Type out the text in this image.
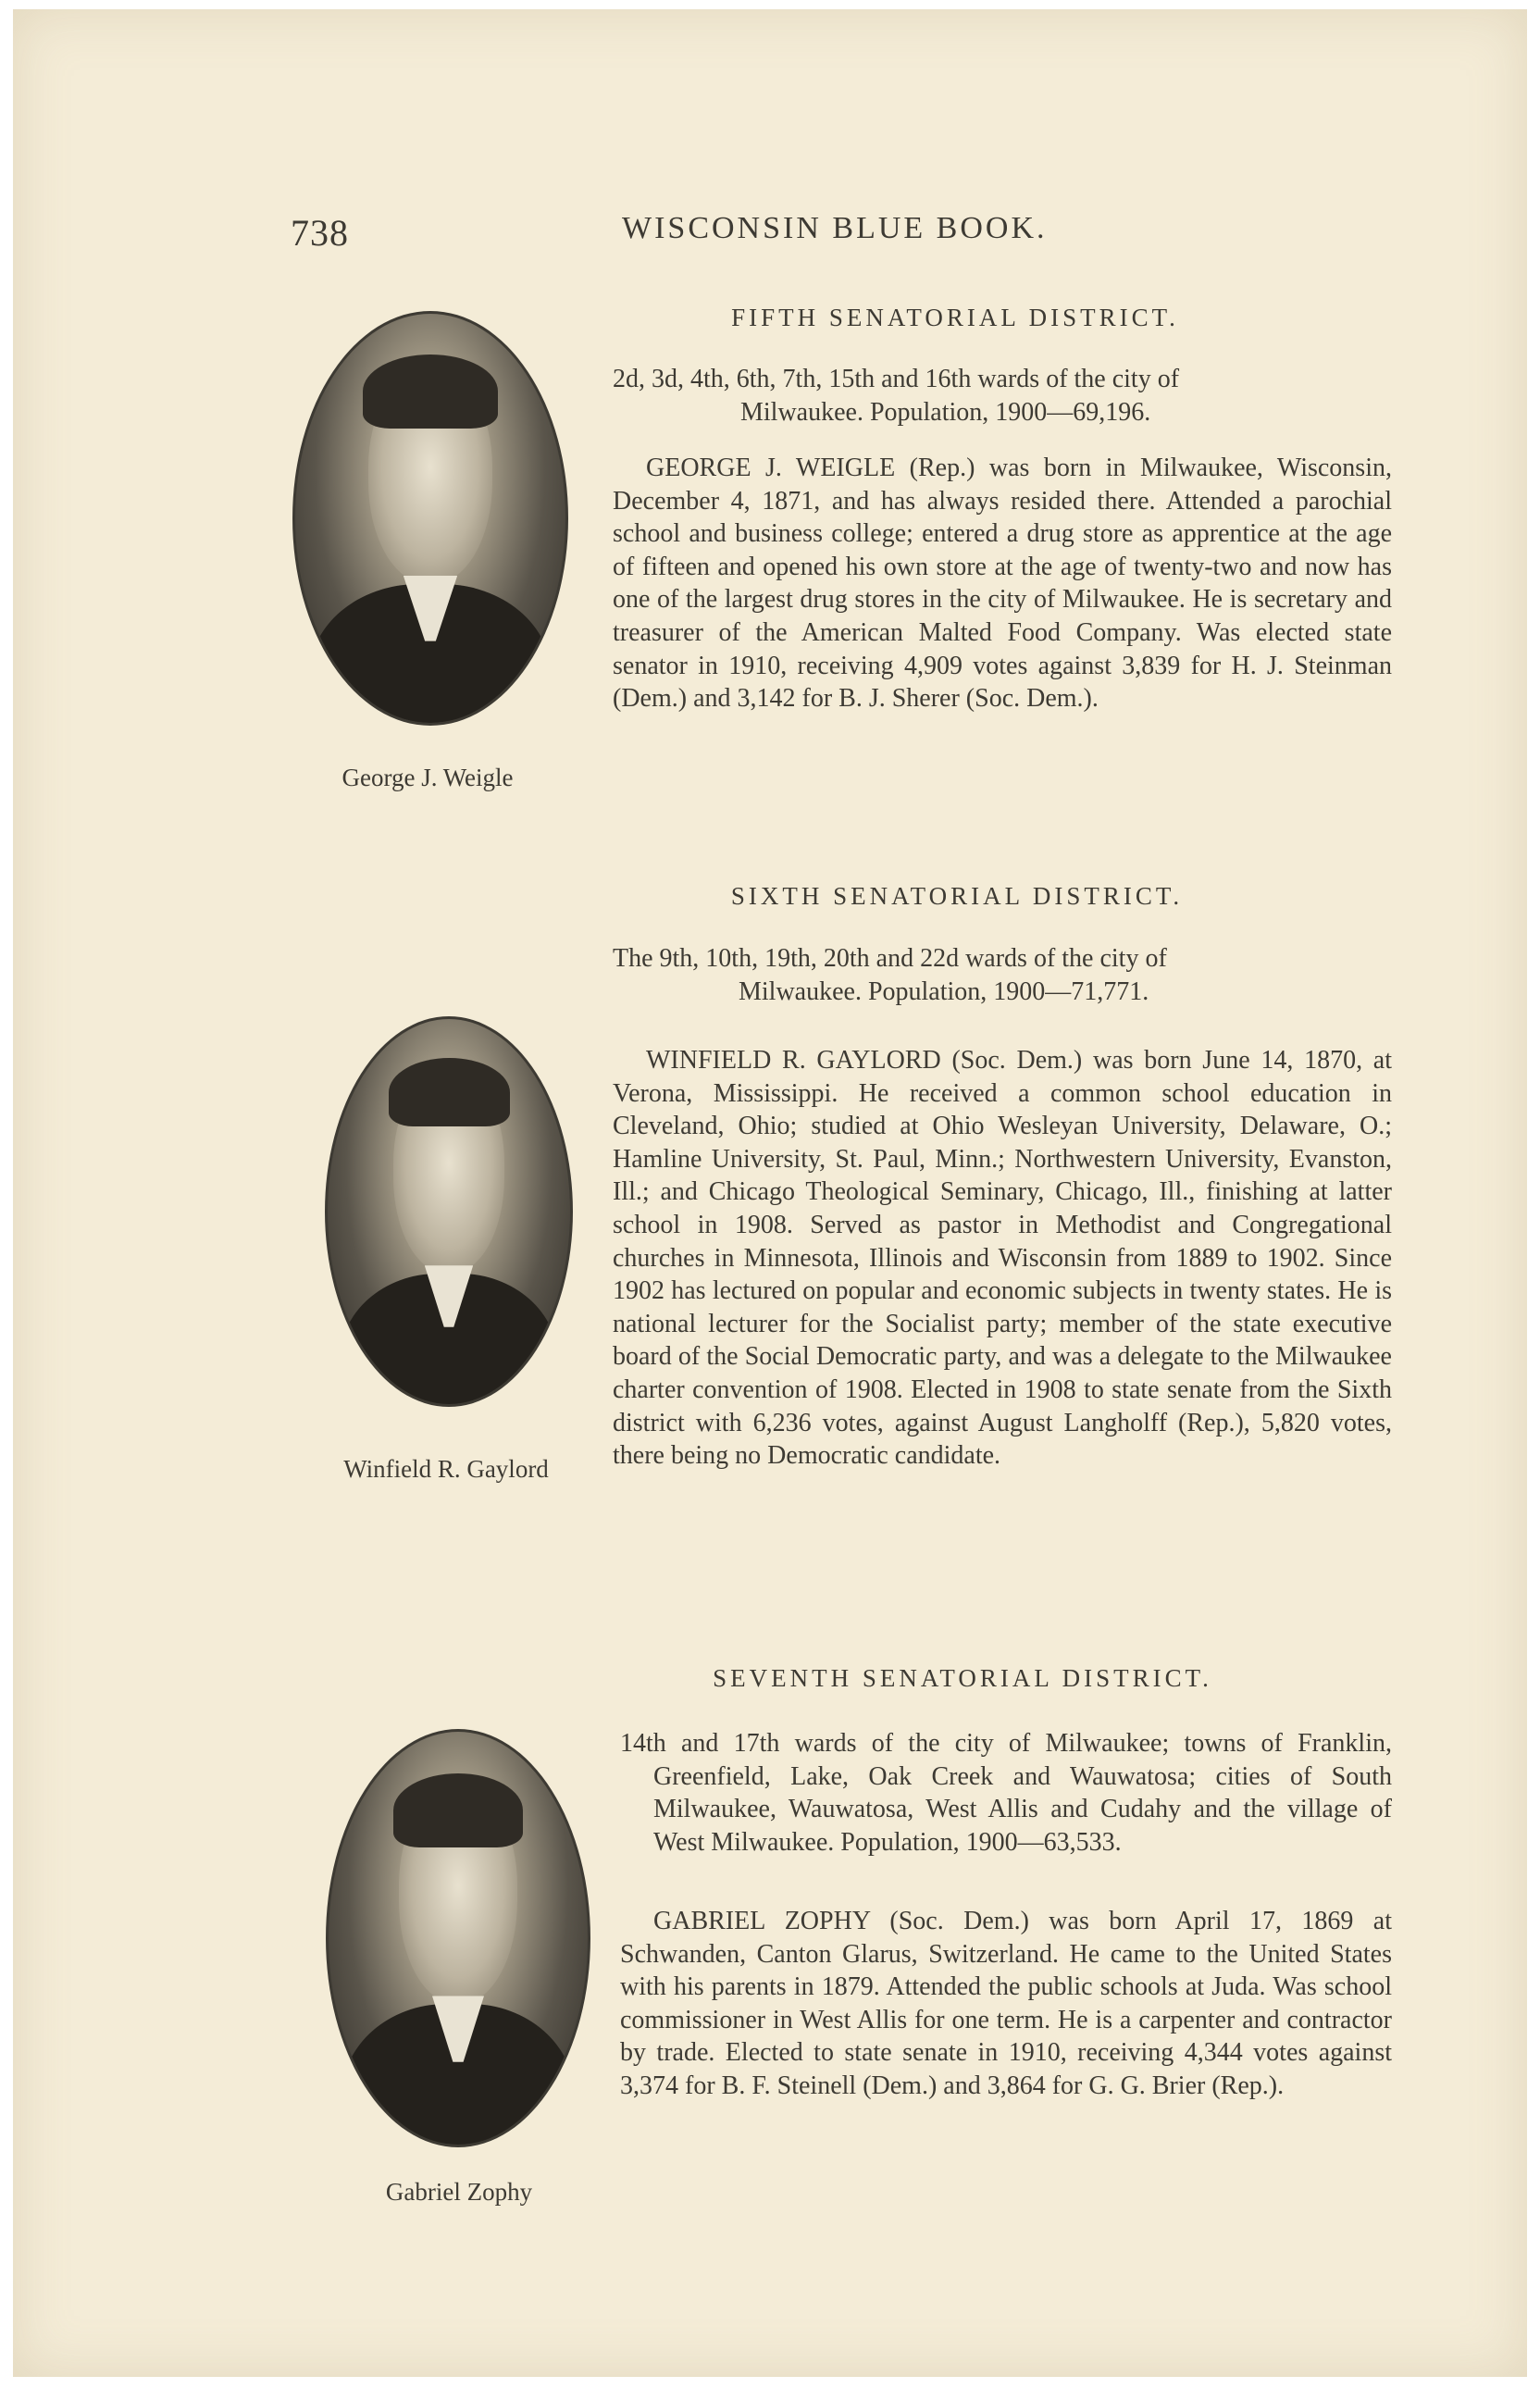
738	WISCONSIN BLUE BOOK.
George J. Weigle
FIFTH SENATORIAL DISTRICT.
2d, 3d, 4th, 6th, 7th, 15th and 16th wards of the city of
Milwaukee. Population, 1900—69,196.
GEORGE J. WEIGLE (Rep.) was born in Milwaukee, Wisconsin, December 4, 1871, and has always resided there. Attended a parochial school and business college; entered a drug store as apprentice at the age of fifteen and opened his own store at the age of twenty-two and now has one of the largest drug stores in the city of Milwaukee. He is secretary and treasurer of the American Malted Food Company. Was elected state senator in 1910, receiving 4,909 votes against 3,839 for H. J. Steinman (Dem.) and 3,142 for B. J. Sherer (Soc. Dem.).
Winfield R. Gaylord
SIXTH SENATORIAL DISTRICT.
The 9th, 10th, 19th, 20th and 22d wards of the city of
Milwaukee. Population, 1900—71,771.
WINFIELD R. GAYLORD (Soc. Dem.) was born June 14, 1870, at Verona, Mississippi. He received a common school education in Cleveland, Ohio; studied at Ohio Wesleyan University, Delaware, O.; Hamline University, St. Paul, Minn.; Northwestern University, Evanston, Ill.; and Chicago Theological Seminary, Chicago, Ill., finishing at latter school in 1908. Served as pastor in Methodist and Congregational churches in Minnesota, Illinois and Wisconsin from 1889 to 1902. Since 1902 has lectured on popular and economic subjects in twenty states. He is national lecturer for the Socialist party; member of the state executive board of the Social Democratic party, and was a delegate to the Milwaukee charter convention of 1908. Elected in 1908 to state senate from the Sixth district with 6,236 votes, against August Langholff (Rep.), 5,820 votes, there being no Democratic candidate.
Gabriel Zophy
SEVENTH SENATORIAL DISTRICT.
14th and 17th wards of the city of Milwaukee; towns of Franklin, Greenfield, Lake, Oak Creek and Wauwatosa; cities of South Milwaukee, Wauwatosa, West Allis and Cudahy and the village of West Milwaukee. Population, 1900—63,533.
GABRIEL ZOPHY (Soc. Dem.) was born April 17, 1869 at Schwanden, Canton Glarus, Switzerland. He came to the United States with his parents in 1879. Attended the public schools at Juda. Was school commissioner in West Allis for one term. He is a carpenter and contractor by trade. Elected to state senate in 1910, receiving 4,344 votes against 3,374 for B. F. Steinell (Dem.) and 3,864 for G. G. Brier (Rep.).
